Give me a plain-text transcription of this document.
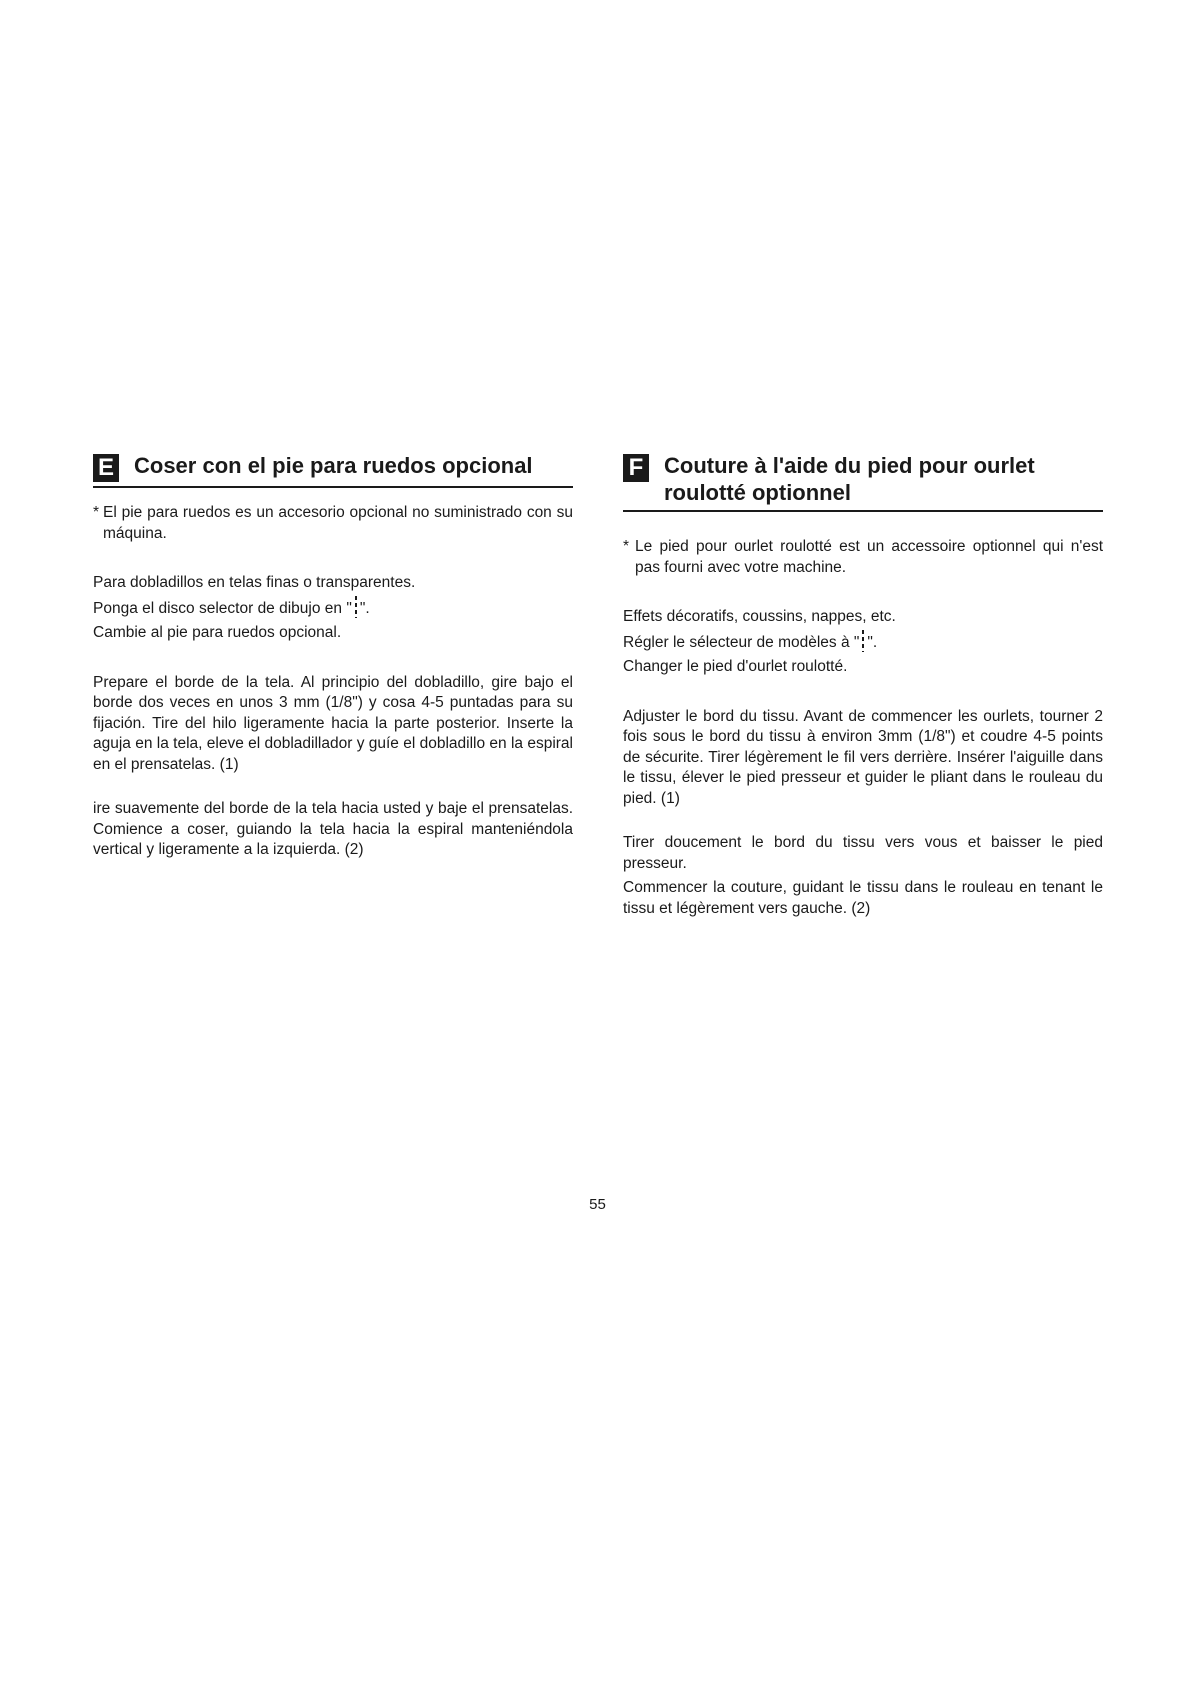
E Coser con el pie para ruedos opcional
* El pie para ruedos es un accesorio opcional no suministrado con su máquina.

Para dobladillos en telas finas o transparentes.

Ponga el disco selector de dibujo en " ".

Cambie al pie para ruedos opcional.

Prepare el borde de la tela. Al principio del dobladillo, gire bajo el borde dos veces en unos 3 mm (1/8") y cosa 4-5 puntadas para su fijación. Tire del hilo ligeramente hacia la parte posterior. Inserte la aguja en la tela, eleve el dobladillador y guíe el dobladillo en la espiral en el prensatelas. (1)

ire suavemente del borde de la tela hacia usted y baje el prensatelas. Comience a coser, guiando la tela hacia la espiral manteniéndola vertical y ligeramente a la izquierda. (2)

F Couture à l'aide du pied pour ourlet roulotté optionnel
* Le pied pour ourlet roulotté est un accessoire optionnel qui n'est pas fourni avec votre machine.

Effets décoratifs, coussins, nappes, etc.

Régler le sélecteur de modèles à " ".

Changer le pied d'ourlet roulotté.

Adjuster le bord du tissu. Avant de commencer les ourlets, tourner 2 fois sous le bord du tissu à environ 3mm (1/8") et coudre 4-5 points de sécurite. Tirer légèrement le fil vers derrière. Insérer l'aiguille dans le tissu, élever le pied presseur et guider le pliant dans le rouleau du pied. (1)

Tirer doucement le bord du tissu vers vous et baisser le pied presseur.

Commencer la couture, guidant le tissu dans le rouleau en tenant le tissu et légèrement vers gauche. (2)

55
